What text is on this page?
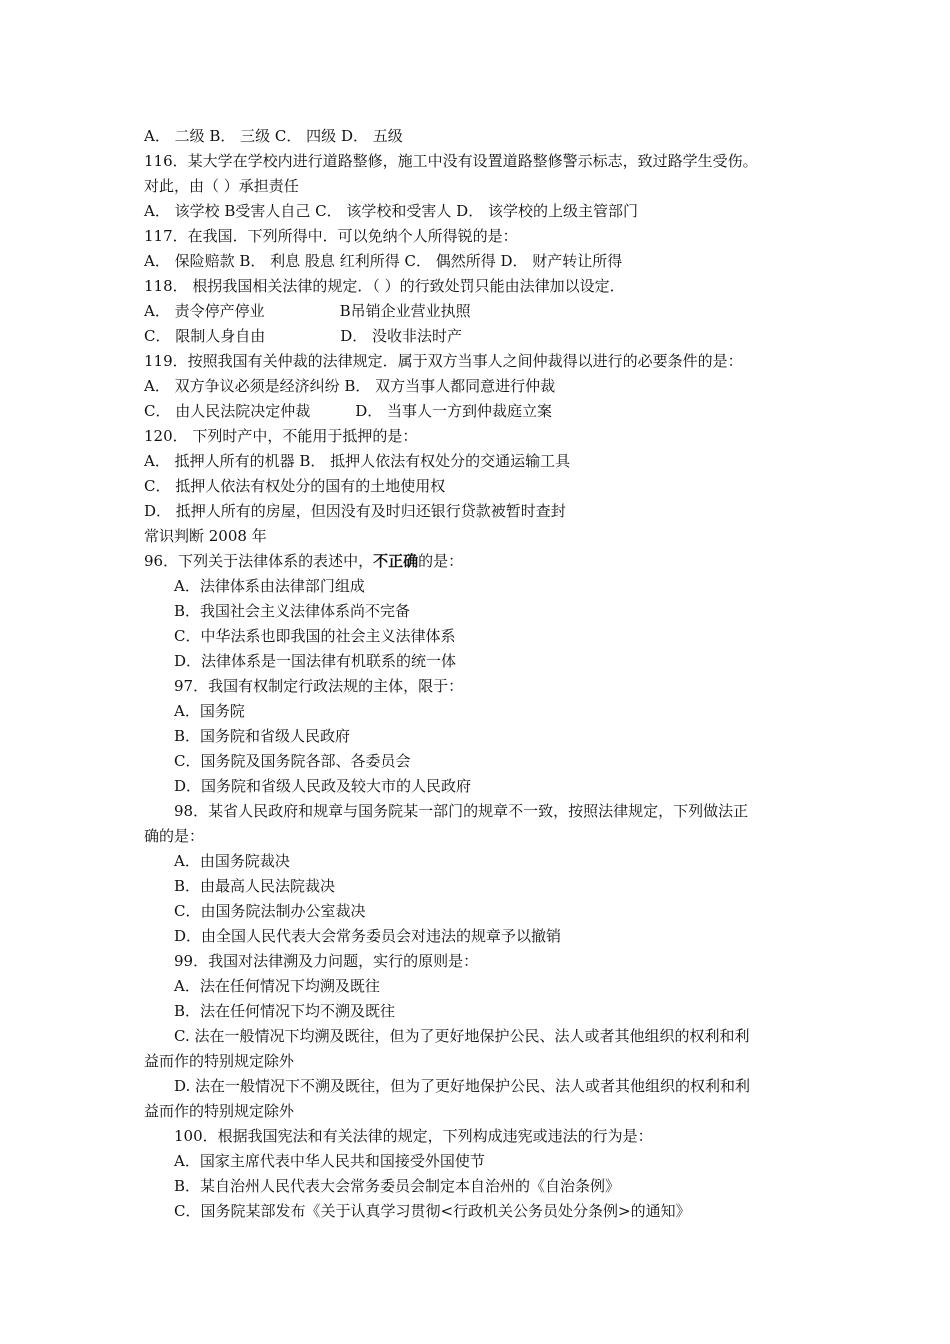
A． 二级 B． 三级 C． 四级 D． 五级
116．某大学在学校内进行道路整修，施工中没有设置道路整修警示标志，致过路学生受伤。
对此，由（ ）承担责任
A． 该学校 B受害人自己 C． 该学校和受害人 D． 该学校的上级主管部门
117．在我国．下列所得中．可以免纳个人所得锐的是：
A． 保险赔款 B． 利息 股息 红利所得 C． 偶然所得 D． 财产转让所得
118． 根拐我国相关法律的规定．（ ）的行致处罚只能由法律加以设定．
A． 责令停产停业　　　　　B吊销企业营业执照
C． 限制人身自由　　　　　D． 没收非法时产
119．按照我国有关仲裁的法律规定．属于双方当事人之间仲裁得以进行的必要条件的是：
A． 双方争议必须是经济纠纷 B． 双方当事人都同意进行仲裁
C． 由人民法院决定仲裁　　　D． 当事人一方到仲裁庭立案
120． 下列时产中，不能用于抵押的是：
A． 抵押人所有的机器 B． 抵押人依法有权处分的交通运输工具
C． 抵押人依法有权处分的国有的土地使用权
D． 抵押人所有的房屋，但因没有及时归还银行贷款被暂时查封
常识判断 2008 年
96．下列关于法律体系的表述中，不正确的是：
A．法律体系由法律部门组成
B．我国社会主义法律体系尚不完备
C．中华法系也即我国的社会主义法律体系
D．法律体系是一国法律有机联系的统一体
97．我国有权制定行政法规的主体，限于：
A．国务院
B．国务院和省级人民政府
C．国务院及国务院各部、各委员会
D．国务院和省级人民政及较大市的人民政府
98．某省人民政府和规章与国务院某一部门的规章不一致，按照法律规定，下列做法正
确的是：
A．由国务院裁决
B．由最高人民法院裁决
C．由国务院法制办公室裁决
D．由全国人民代表大会常务委员会对违法的规章予以撤销
99．我国对法律溯及力问题，实行的原则是：
A．法在任何情况下均溯及既往
B．法在任何情况下均不溯及既往
C. 法在一般情况下均溯及既往，但为了更好地保护公民、法人或者其他组织的权利和利
益而作的特别规定除外
D. 法在一般情况下不溯及既往，但为了更好地保护公民、法人或者其他组织的权利和利
益而作的特别规定除外
100．根据我国宪法和有关法律的规定，下列构成违宪或违法的行为是：
A．国家主席代表中华人民共和国接受外国使节
B．某自治州人民代表大会常务委员会制定本自治州的《自治条例》
C．国务院某部发布《关于认真学习贯彻<行政机关公务员处分条例>的通知》
